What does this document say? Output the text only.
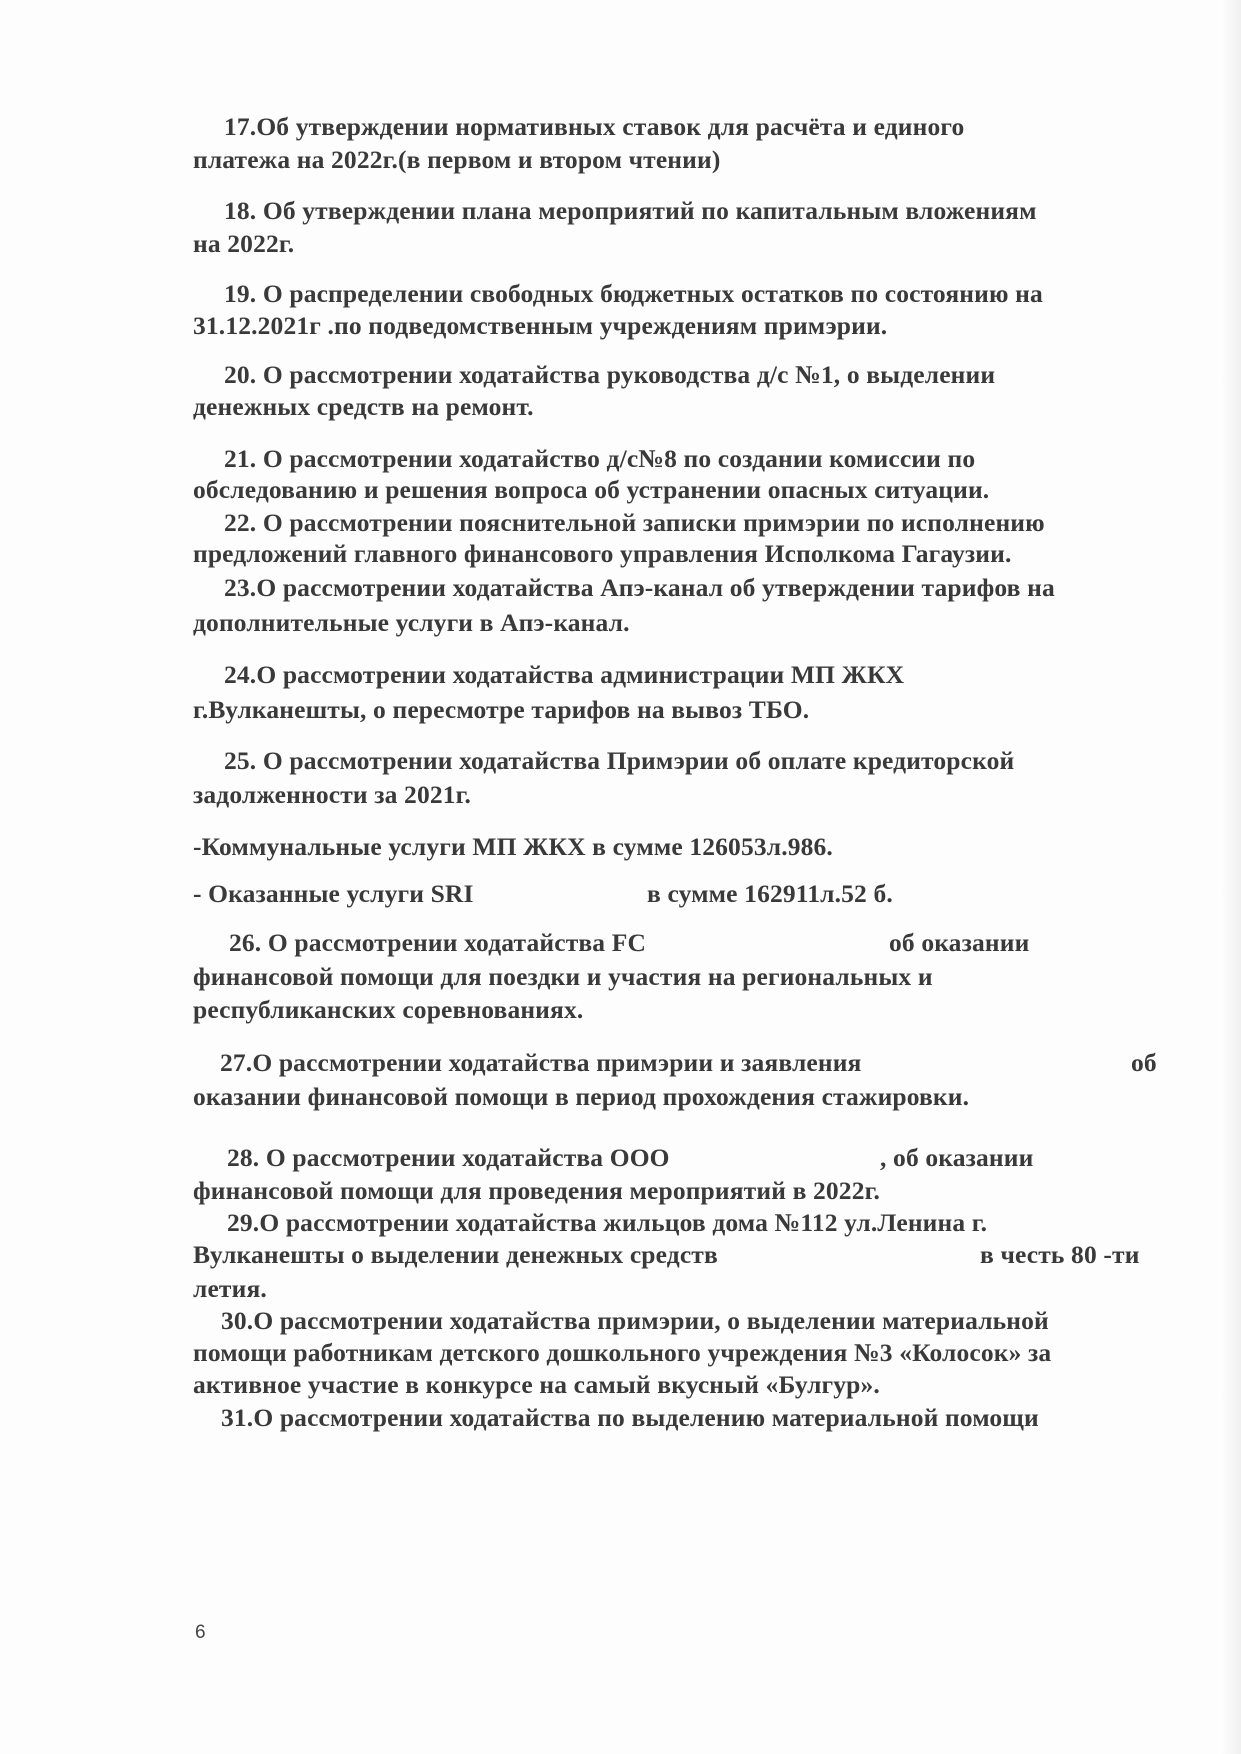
17.Об утверждении нормативных ставок для расчёта и единого
платежа на 2022г.(в первом и втором чтении)
18. Об утверждении плана мероприятий по капитальным вложениям
на 2022г.
19. О распределении свободных бюджетных остатков по состоянию на
31.12.2021г .по подведомственным учреждениям примэрии.
20. О рассмотрении ходатайства руководства д/с №1, о выделении
денежных средств на ремонт.
21. О рассмотрении ходатайство д/с№8 по создании комиссии по
обследованию и решения вопроса об устранении опасных ситуации.
22. О рассмотрении пояснительной записки примэрии по исполнению
предложений главного финансового управления Исполкома Гагаузии.
23.О рассмотрении ходатайства Апэ-канал об утверждении тарифов на
дополнительные услуги в Апэ-канал.
24.О рассмотрении ходатайства администрации МП ЖКХ
г.Вулканешты, о пересмотре тарифов на вывоз ТБО.
25. О рассмотрении ходатайства Примэрии об оплате кредиторской
задолженности за 2021г.
-Коммунальные услуги МП ЖКХ в сумме 126053л.986.
- Оказанные услуги SRI	в сумме 162911л.52 б.
26. О рассмотрении ходатайства FC	об оказании
финансовой помощи для поездки и участия на региональных и
республиканских соревнованиях.
27.О рассмотрении ходатайства примэрии и заявления	об
оказании финансовой помощи в период прохождения стажировки.
28. О рассмотрении ходатайства ООО	, об оказании
финансовой помощи для проведения мероприятий в 2022г.
29.О рассмотрении ходатайства жильцов дома №112 ул.Ленина г.
Вулканешты о выделении денежных средств	в честь 80 -ти
летия.
30.О рассмотрении ходатайства примэрии, о выделении материальной
помощи работникам детского дошкольного учреждения №3 «Колосок» за
активное участие в конкурсе на самый вкусный «Булгур».
31.О рассмотрении ходатайства по выделению материальной помощи
6
